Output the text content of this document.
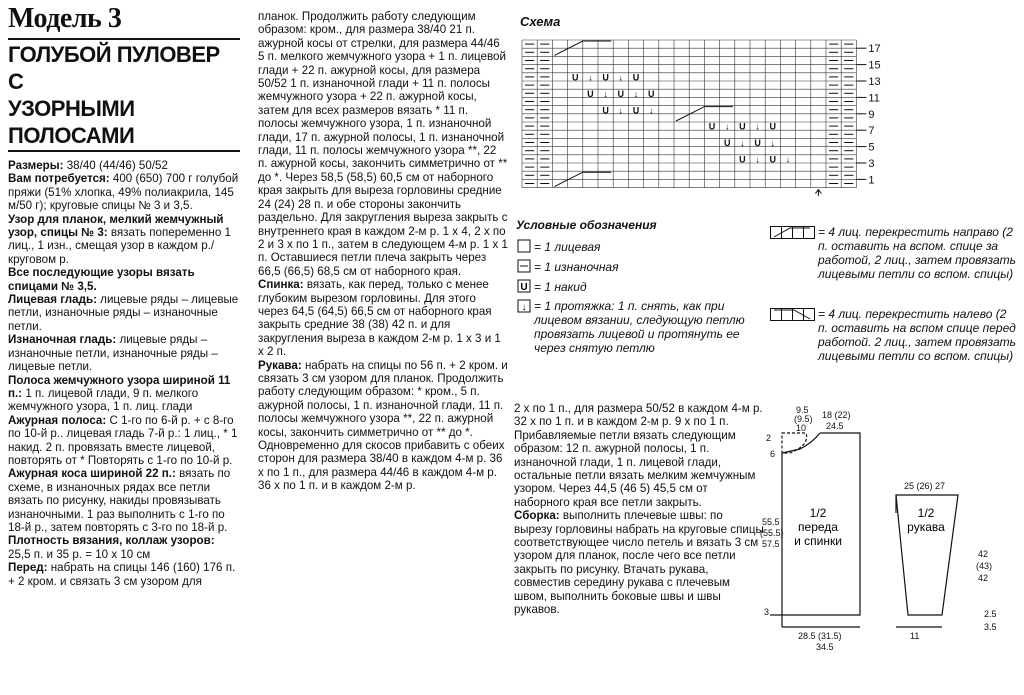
Модель 3
ГОЛУБОЙ ПУЛОВЕР С
УЗОРНЫМИ ПОЛОСАМИ

Размеры: 38/40 (44/46) 50/52

Вам потребуется: 400 (650) 700 г голубой пряжи (51% хлопка, 49% полиакрила, 145 м/50 г); круговые спицы № 3 и 3,5.

Узор для планок, мелкий жемчужный узор, спицы № 3: вязать попеременно 1 лиц., 1 изн., смещая узор в каждом р./круговом р.

Все последующие узоры вязать спицами № 3,5.

Лицевая гладь: лицевые ряды – лицевые петли, изнаночные ряды – изнаночные петли.

Изнаночная гладь: лицевые ряды – изнаночные петли, изнаночные ряды – лицевые петли.

Полоса жемчужного узора шириной 11 п.: 1 п. лицевой глади, 9 п. мелкого жемчужного узора, 1 п. лиц. глади

Ажурная полоса: С 1-го по 6-й р. + с 8-го по 10-й р.. лицевая гладь 7-й р.: 1 лиц., * 1 накид. 2 п. провязать вместе лицевой, повторять от * Повторять с 1-го по 10-й р.

Ажурная коса шириной 22 п.: вязать по схеме, в изнаночных рядах все петли вязать по рисунку, накиды провязывать изнаночными. 1 раз выполнить с 1-го по 18-й р., затем повторять с 3-го по 18-й р.

Плотность вязания, коллаж узоров: 25,5 п. и 35 р. = 10 х 10 см

Перед: набрать на спицы 146 (160) 176 п. + 2 кром. и связать 3 см узором для

планок. Продолжить работу следующим образом: кром., для размера 38/40 21 п. ажурной косы от стрелки, для размера 44/46 5 п. мелкого жемчужного узора + 1 п. лицевой глади + 22 п. ажурной косы, для размера 50/52 1 п. изнаночной глади + 11 п. полосы жемчужного узора + 22 п. ажурной косы, затем для всех размеров вязать * 11 п. полосы жемчужного узора, 1 п. изнаночной глади, 17 п. ажурной полосы, 1 п. изнаночной глади, 11 п. полосы жемчужного узора **, 22 п. ажурной косы, закончить симметрично от ** до *. Через 58,5 (58,5) 60,5 см от наборного края закрыть для выреза горловины средние 24 (24) 28 п. и обе стороны закончить раздельно. Для закругления выреза закрыть с внутреннего края в каждом 2-м р. 1 х 4, 2 х по 2 и 3 х по 1 п., затем в следующем 4-м р. 1 х 1 п. Оставшиеся петли плеча закрыть через 66,5 (66,5) 68,5 см от наборного края.

Спинка: вязать, как перед, только с менее глубоким вырезом горловины. Для этого через 64,5 (64,5) 66,5 см от наборного края закрыть средние 38 (38) 42 п. и для закругления выреза в каждом 2-м р. 1 х 3 и 1 х 2 п.

Рукава: набрать на спицы по 56 п. + 2 кром. и связать 3 см узором для планок. Продолжить работу следующим образом: * кром., 5 п. ажурной полосы, 1 п. изнаночной глади, 11 п. полосы жемчужного узора **, 22 п. ажурной косы, закончить симметрично от ** до *. Одновременно для скосов прибавить с обеих сторон для размера 38/40 в каждом 4-м р. 36 х по 1 п., для размера 44/46 в каждом 4-м р. 36 х по 1 п. и в каждом 2-м р.

Схема
U ↓ U ↓ U
U ↓ U ↓ U
U ↓ U ↓
U ↓ U ↓ U
U ↓ U ↓
U ↓ U ↓
17
15
13
11
9
7
5
3
1
Условные обозначения
U
↓
= 1 лицевая
= 1 изнаночная
= 1 накид
= 1 протяжка: 1 п. снять, как при лицевом вязании, следующую петлю провязать лицевой и протянуть ее через снятую петлю
= 4 лиц. перекрестить направо (2 п. оставить на вспом. спице за работой, 2 лиц., затем провязать лицевыми петли со вспом. спицы)
= 4 лиц. перекрестить налево (2 п. оставить на вспом спице перед работой. 2 лиц., затем провязать лицевыми петли со вспом. спицы)

2 х по 1 п., для размера 50/52 в каждом 4-м р. 32 х по 1 п. и в каждом 2-м р. 9 х по 1 п. Прибавляемые петли вязать следующим образом: 12 п. ажурной полосы, 1 п. изнаночной глади, 1 п. лицевой глади, остальные петли вязать мелким жемчужным узором. Через 44,5 (46 5) 45,5 см от наборного края все петли закрыть.

Сборка: выполнить плечевые швы: по вырезу горловины набрать на круговые спицы соответствующее число петель и вязать 3 см узором для планок, после чего все петли закрыть по рисунку. Втачать рукава, совместив середину рукава с плечевым швом, выполнить боковые швы и швы рукавов.

1/2
переда
и спинки
1/2
рукава
9.5
(9.5)
10
18 (22)
24.5
2
6
55.5
(55.5)
57.5
3
28.5 (31.5)
34.5
25 (26) 27
42
(43)
42
2.5
3.5
11
